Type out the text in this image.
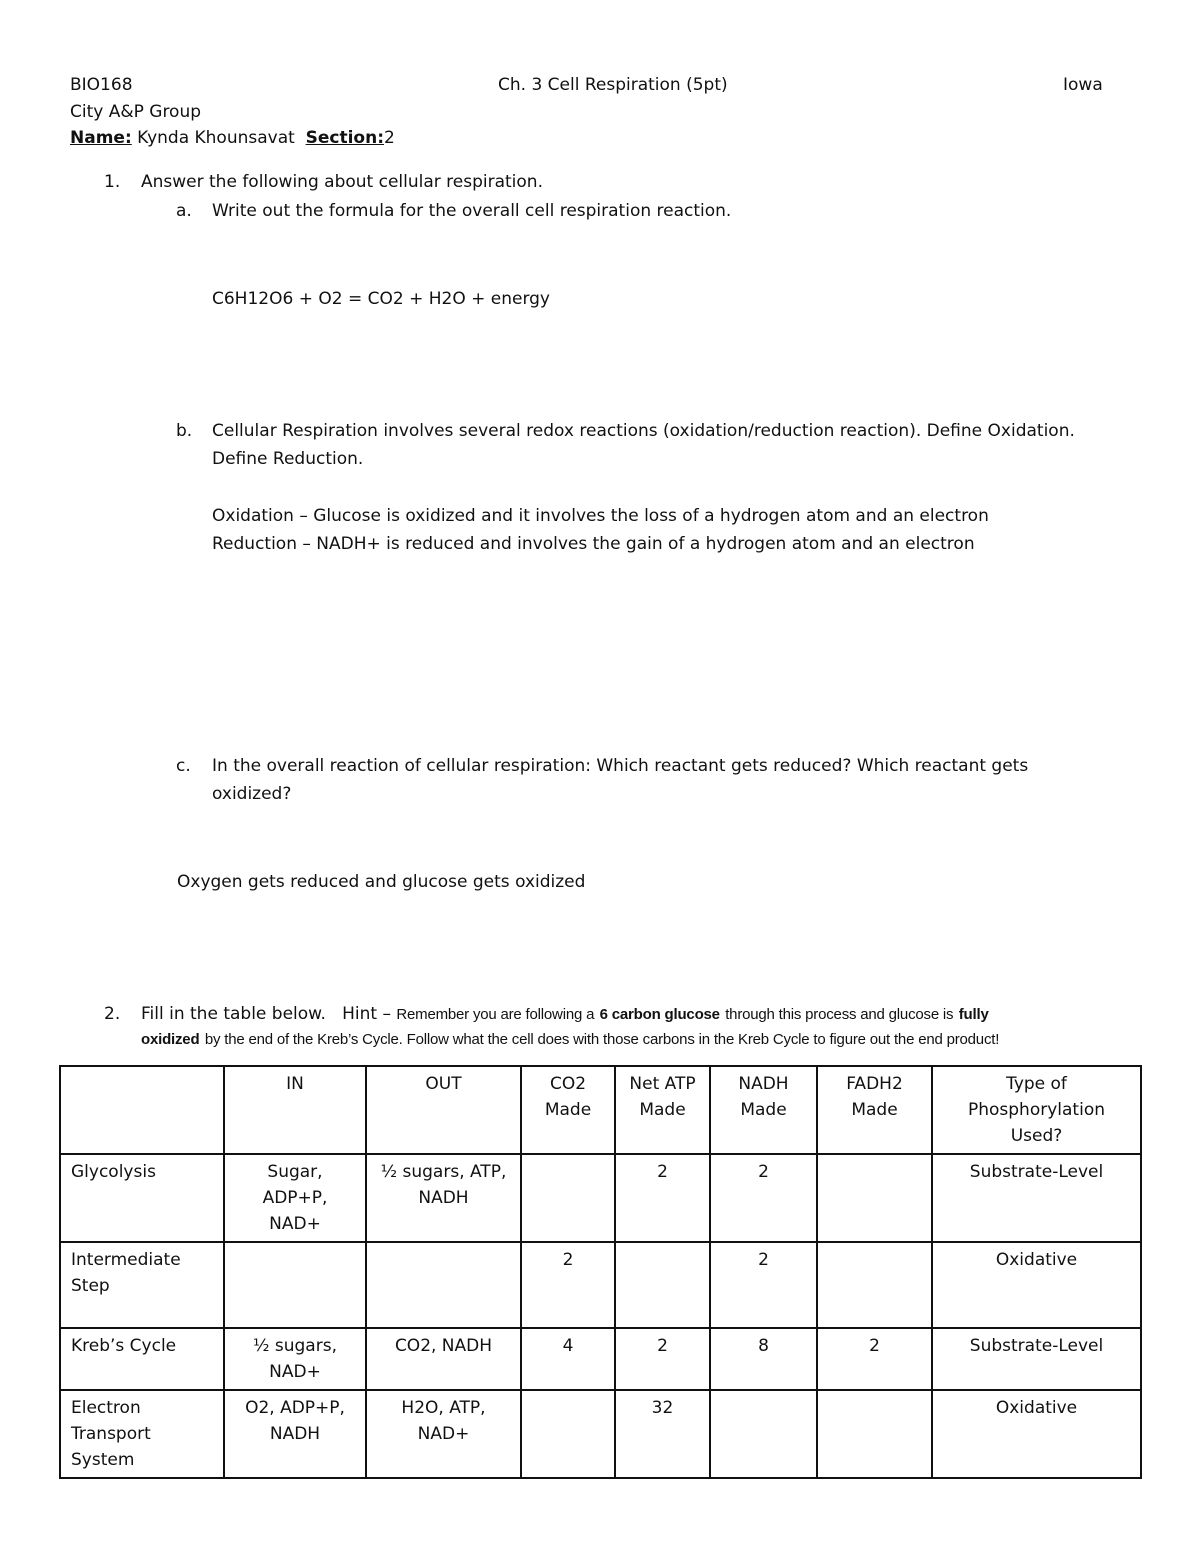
BIO168	Ch. 3 Cell Respiration (5pt)	Iowa
City A&P Group
Name: Kynda Khounsavat Section:2
1. Answer the following about cellular respiration.
a. Write out the formula for the overall cell respiration reaction.
C6H12O6 + O2 = CO2 + H2O + energy
b. Cellular Respiration involves several redox reactions (oxidation/reduction reaction). Define Oxidation.
Define Reduction.
Oxidation – Glucose is oxidized and it involves the loss of a hydrogen atom and an electron
Reduction – NADH+ is reduced and involves the gain of a hydrogen atom and an electron
c. In the overall reaction of cellular respiration: Which reactant gets reduced? Which reactant gets
oxidized?
Oxygen gets reduced and glucose gets oxidized
2. Fill in the table below. Hint – Remember you are following a 6 carbon glucose through this process and glucose is fully
oxidized by the end of the Kreb’s Cycle. Follow what the cell does with those carbons in the Kreb Cycle to figure out the end product!
	IN	OUT	CO2 Made	Net ATP Made	NADH Made	FADH2 Made	Type of Phosphorylation Used?
Glycolysis	Sugar, ADP+P, NAD+	½ sugars, ATP, NADH		2	2		Substrate-Level
Intermediate Step			2		2		Oxidative
Kreb’s Cycle	½ sugars, NAD+	CO2, NADH	4	2	8	2	Substrate-Level
Electron Transport System	O2, ADP+P, NADH	H2O, ATP, NAD+		32			Oxidative
